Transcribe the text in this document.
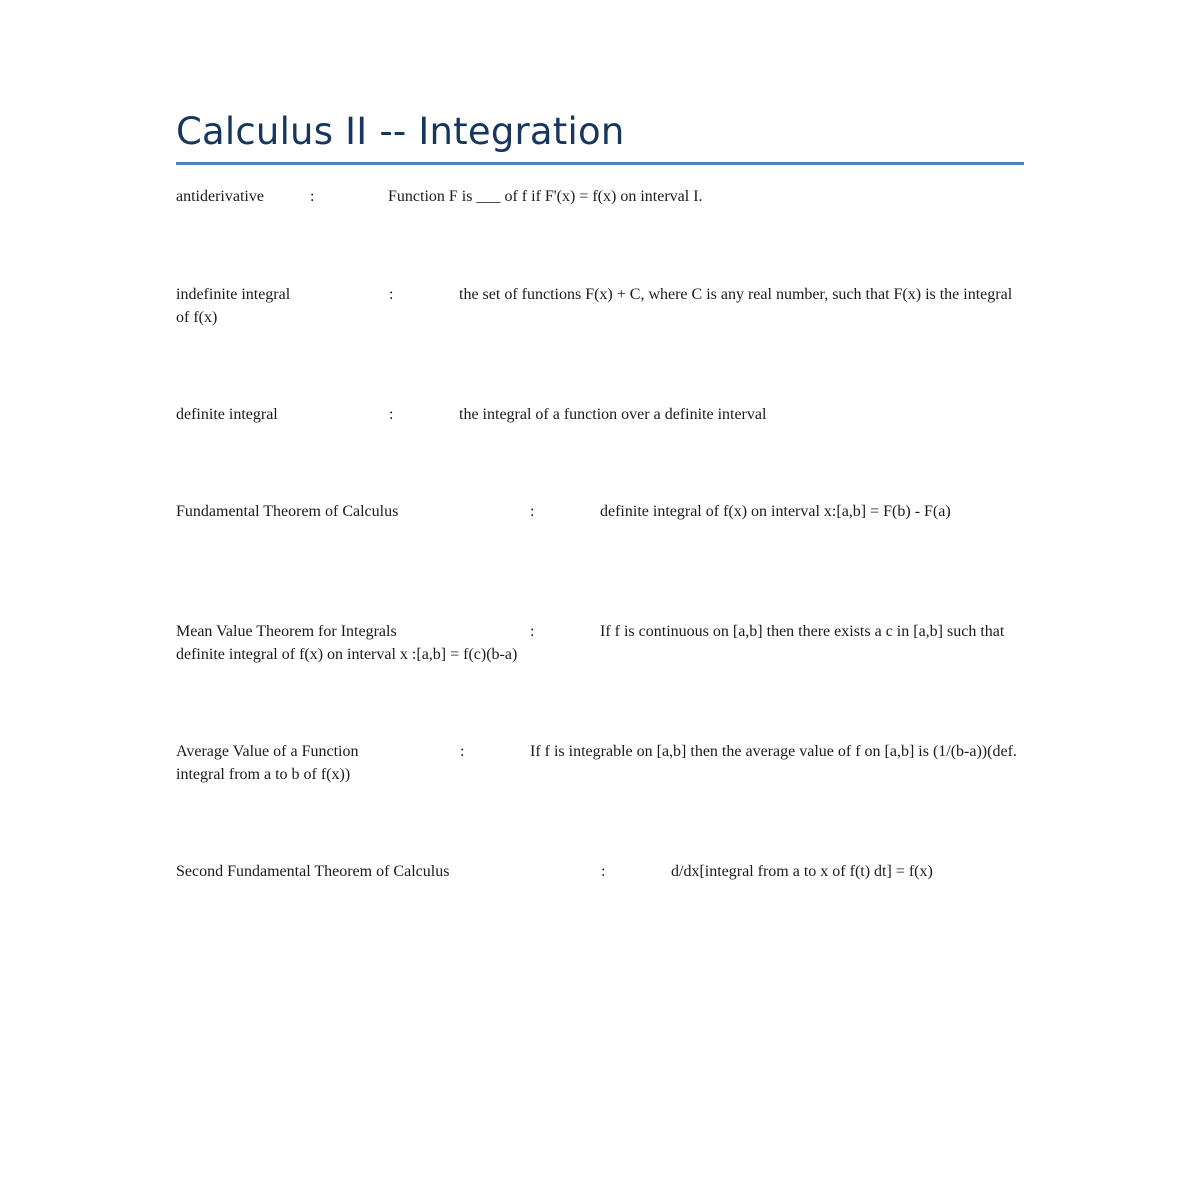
Calculus II -- Integration
antiderivative	:	Function F is ___ of f if F'(x) = f(x) on interval I.
indefinite integral	:	the set of functions F(x) + C, where C is any real number, such that F(x) is the integral of f(x)
definite integral	:	the integral of a function over a definite interval
Fundamental Theorem of Calculus	:	definite integral of f(x) on interval x:[a,b] = F(b) - F(a)
Mean Value Theorem for Integrals	:	If f is continuous on [a,b] then there exists a c in [a,b] such that definite integral of f(x) on interval x :[a,b] = f(c)(b-a)
Average Value of a Function	:	If f is integrable on [a,b] then the average value of f on [a,b] is (1/(b-a))(def. integral from a to b of f(x))
Second Fundamental Theorem of Calculus	:	d/dx[integral from a to x of f(t) dt] = f(x)
